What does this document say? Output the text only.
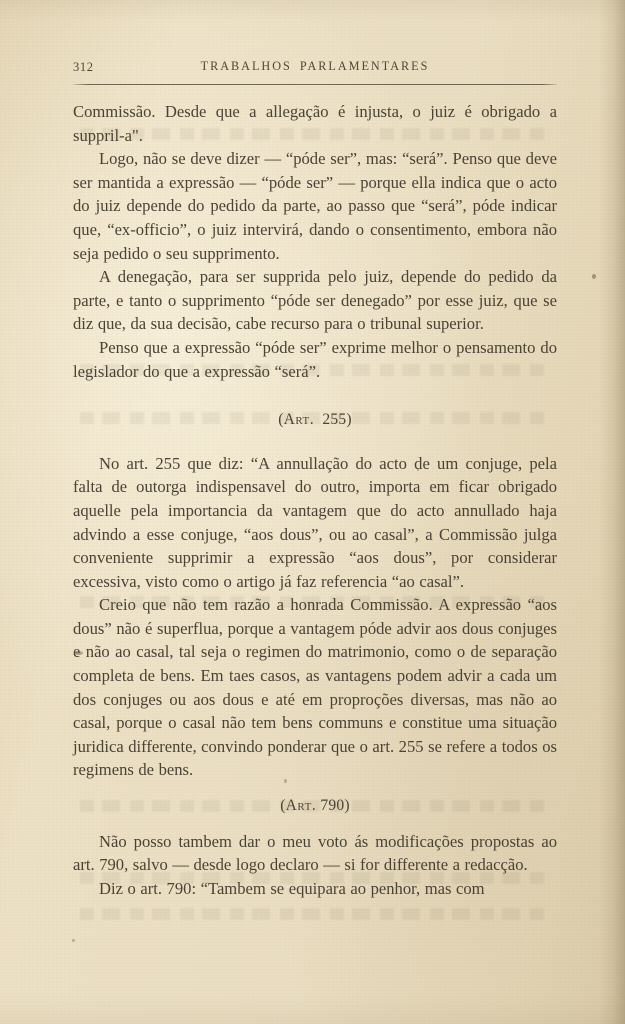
312	TRABALHOS PARLAMENTARES

Commissão. Desde que a allegação é injusta, o juiz é obrigado a suppril-a".

Logo, não se deve dizer — “póde ser”, mas: “será”. Penso que deve ser mantida a expressão — “póde ser” — porque ella indica que o acto do juiz depende do pedido da parte, ao passo que “será”, póde indicar que, “ex-officio”, o juiz intervirá, dando o consentimento, embora não seja pedido o seu supprimento.

A denegação, para ser supprida pelo juiz, depende do pedido da parte, e tanto o supprimento “póde ser denegado” por esse juiz, que se diz que, da sua decisão, cabe recurso para o tribunal superior.

Penso que a expressão “póde ser” exprime melhor o pensamento do legislador do que a expressão “será”.

(Art. 255)

No art. 255 que diz: “A annullação do acto de um conjuge, pela falta de outorga indispensavel do outro, importa em ficar obrigado aquelle pela importancia da vantagem que do acto annullado haja advindo a esse conjuge, “aos dous”, ou ao casal”, a Commissão julga conveniente supprimir a expressão “aos dous”, por considerar excessiva, visto como o artigo já faz referencia “ao casal”.

Creio que não tem razão a honrada Commissão. A expressão “aos dous” não é superflua, porque a vantagem póde advir aos dous conjuges e não ao casal, tal seja o regimen do matrimonio, como o de separação completa de bens. Em taes casos, as vantagens podem advir a cada um dos conjuges ou aos dous e até em proproções diversas, mas não ao casal, porque o casal não tem bens communs e constitue uma situação juridica differente, convindo ponderar que o art. 255 se refere a todos os regimens de bens.

(Art. 790)

Não posso tambem dar o meu voto ás modificações propostas ao art. 790, salvo — desde logo declaro — si for differente a redacção.

Diz o art. 790: “Tambem se equipara ao penhor, mas com
